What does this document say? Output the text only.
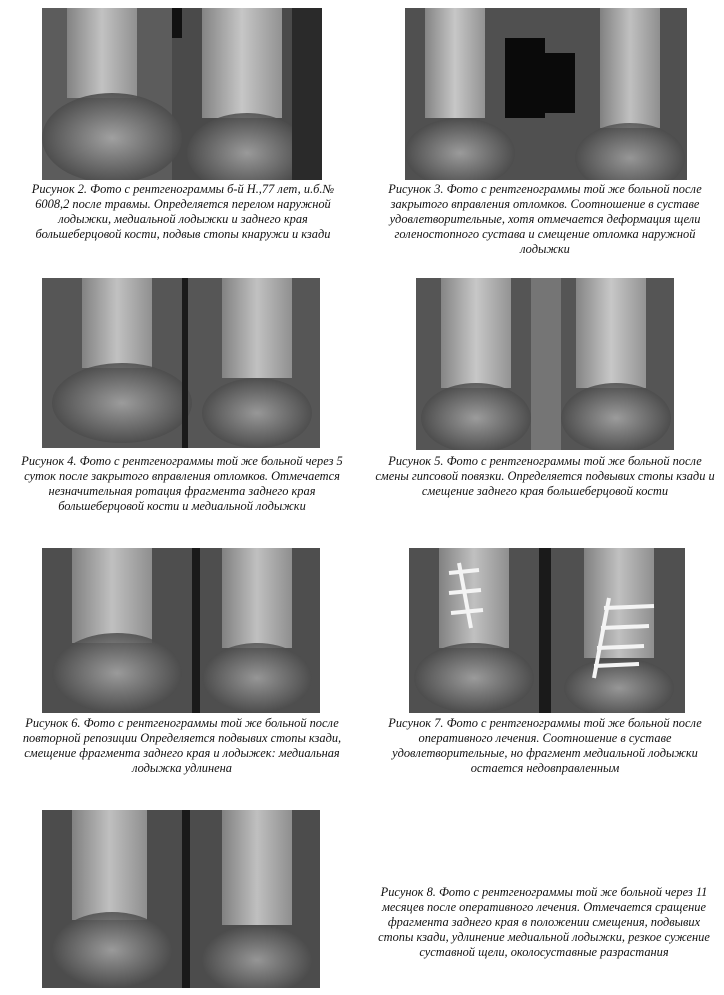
Рисунок 2. Фото с рентгенограммы б-й Н.,77 лет, и.б.№ 6008,2 после травмы. Определяется перелом наружной лодыжки, медиальной лодыжки и заднего края большеберцовой кости, подвыв стопы кнаружи и кзади
Рисунок 3. Фото с рентгенограммы той же больной после закрытого вправления отломков. Соотношение в суставе удовлетворительные, хотя отмечается деформация щели голеностопного сустава и смещение отломка наружной лодыжки
Рисунок 4. Фото с рентгенограммы той же больной через 5 суток после закрытого вправления отломков. Отмечается незначительная ротация фрагмента заднего края большеберцовой кости и медиальной лодыжки
Рисунок 5. Фото с рентгенограммы той же больной после смены гипсовой повязки. Определяется подвывих стопы кзади и смещение заднего края большеберцовой кости
Рисунок 6. Фото с рентгенограммы той же больной после повторной репозиции Определяется подвывих стопы кзади, смещение фрагмента заднего края и лодыжек: медиальная лодыжка удлинена
Рисунок 7. Фото с рентгенограммы той же больной после оперативного лечения. Соотношение в суставе удовлетворительные, но фрагмент медиальной лодыжки остается недовправленным
Рисунок 8. Фото с рентгенограммы той же больной через 11 месяцев после оперативного лечения. Отмечается сращение фрагмента заднего края в положении смещения, подвывих стопы кзади, удлинение медиальной лодыжки, резкое сужение суставной щели, околосуставные разрастания
